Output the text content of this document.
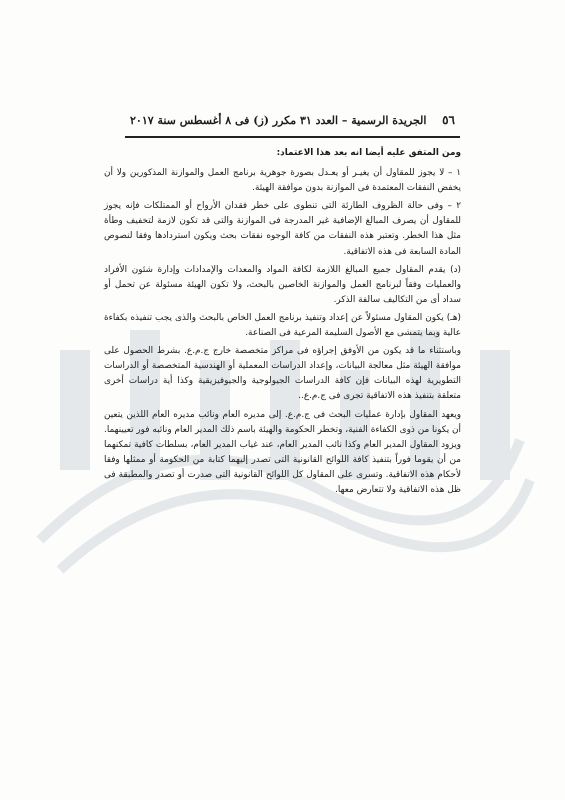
٥٦
الجريدة الرسمية – العدد ٣١ مكرر (ز) فى ٨ أغسطس سنة ٢٠١٧

ومن المتفق عليه أيضا انه بعد هذا الاعتماد:

١ – لا يجوز للمقاول أن يغيـر أو يعـدل بصورة جوهرية برنامج العمل والموازنة المذكورين ولا أن يخفض النفقات المعتمدة فى الموازنة بدون موافقة الهيئة.

٢ – وفى حالة الظروف الطارئة التى تنطوى على خطر فقدان الأرواح أو الممتلكات فإنه يجوز للمقاول أن يصرف المبالغ الإضافية غير المدرجة فى الموازنة والتى قد تكون لازمة لتخفيف وطأة مثل هذا الخطر. وتعتبر هذه النفقات من كافة الوجوه نفقات بحث ويكون استردادها وفقا لنصوص المادة السابعة فى هذه الاتفاقية.

(د) يقدم المقاول جميع المبالغ اللازمة لكافة المواد والمعدات والإمدادات وإدارة شئون الأفراد والعمليات وفقاً لبرنامج العمل والموازنة الخاصين بالبحث، ولا تكون الهيئة مسئولة عن تحمل أو سداد أى من التكاليف سالفة الذكر.

(هـ) يكون المقاول مسئولاً عن إعداد وتنفيذ برنامج العمل الخاص بالبحث والذى يجب تنفيذه بكفاءة عالية وبما يتمشى مع الأصول السليمة المرعية فى الصناعة.

وباستثناء ما قد يكون من الأوفق إجراؤه فى مراكز متخصصة خارج ج.م.ع. بشرط الحصول على موافقة الهيئة مثل معالجة البيانات، وإعداد الدراسات المعملية أو الهندسية المتخصصة أو الدراسات التطويرية لهذه البيانات فإن كافة الدراسات الجيولوجية والجيوفيزيقية وكذا أية دراسات أخرى متعلقة بتنفيذ هذه الاتفاقية تجرى فى ج.م.ع..

ويعهد المقاول بإدارة عمليات البحث فى ج.م.ع. إلى مديره العام ونائب مديره العام اللذين يتعين أن يكونا من ذوى الكفاءة الفنية، وتخطر الحكومة والهيئة باسم ذلك المدير العام ونائبه فور تعيينهما. ويزود المقاول المدير العام وكذا نائب المدير العام، عند غياب المدير العام، بسلطات كافية تمكنهما من أن يقوما فوراً بتنفيذ كافة اللوائح القانونية التى تصدر إليهما كتابة من الحكومة أو ممثلها وفقا لأحكام هذه الاتفاقية. وتسرى على المقاول كل اللوائح القانونية التى صدرت أو تصدر والمطبقة فى ظل هذه الاتفاقية ولا تتعارض معها.
